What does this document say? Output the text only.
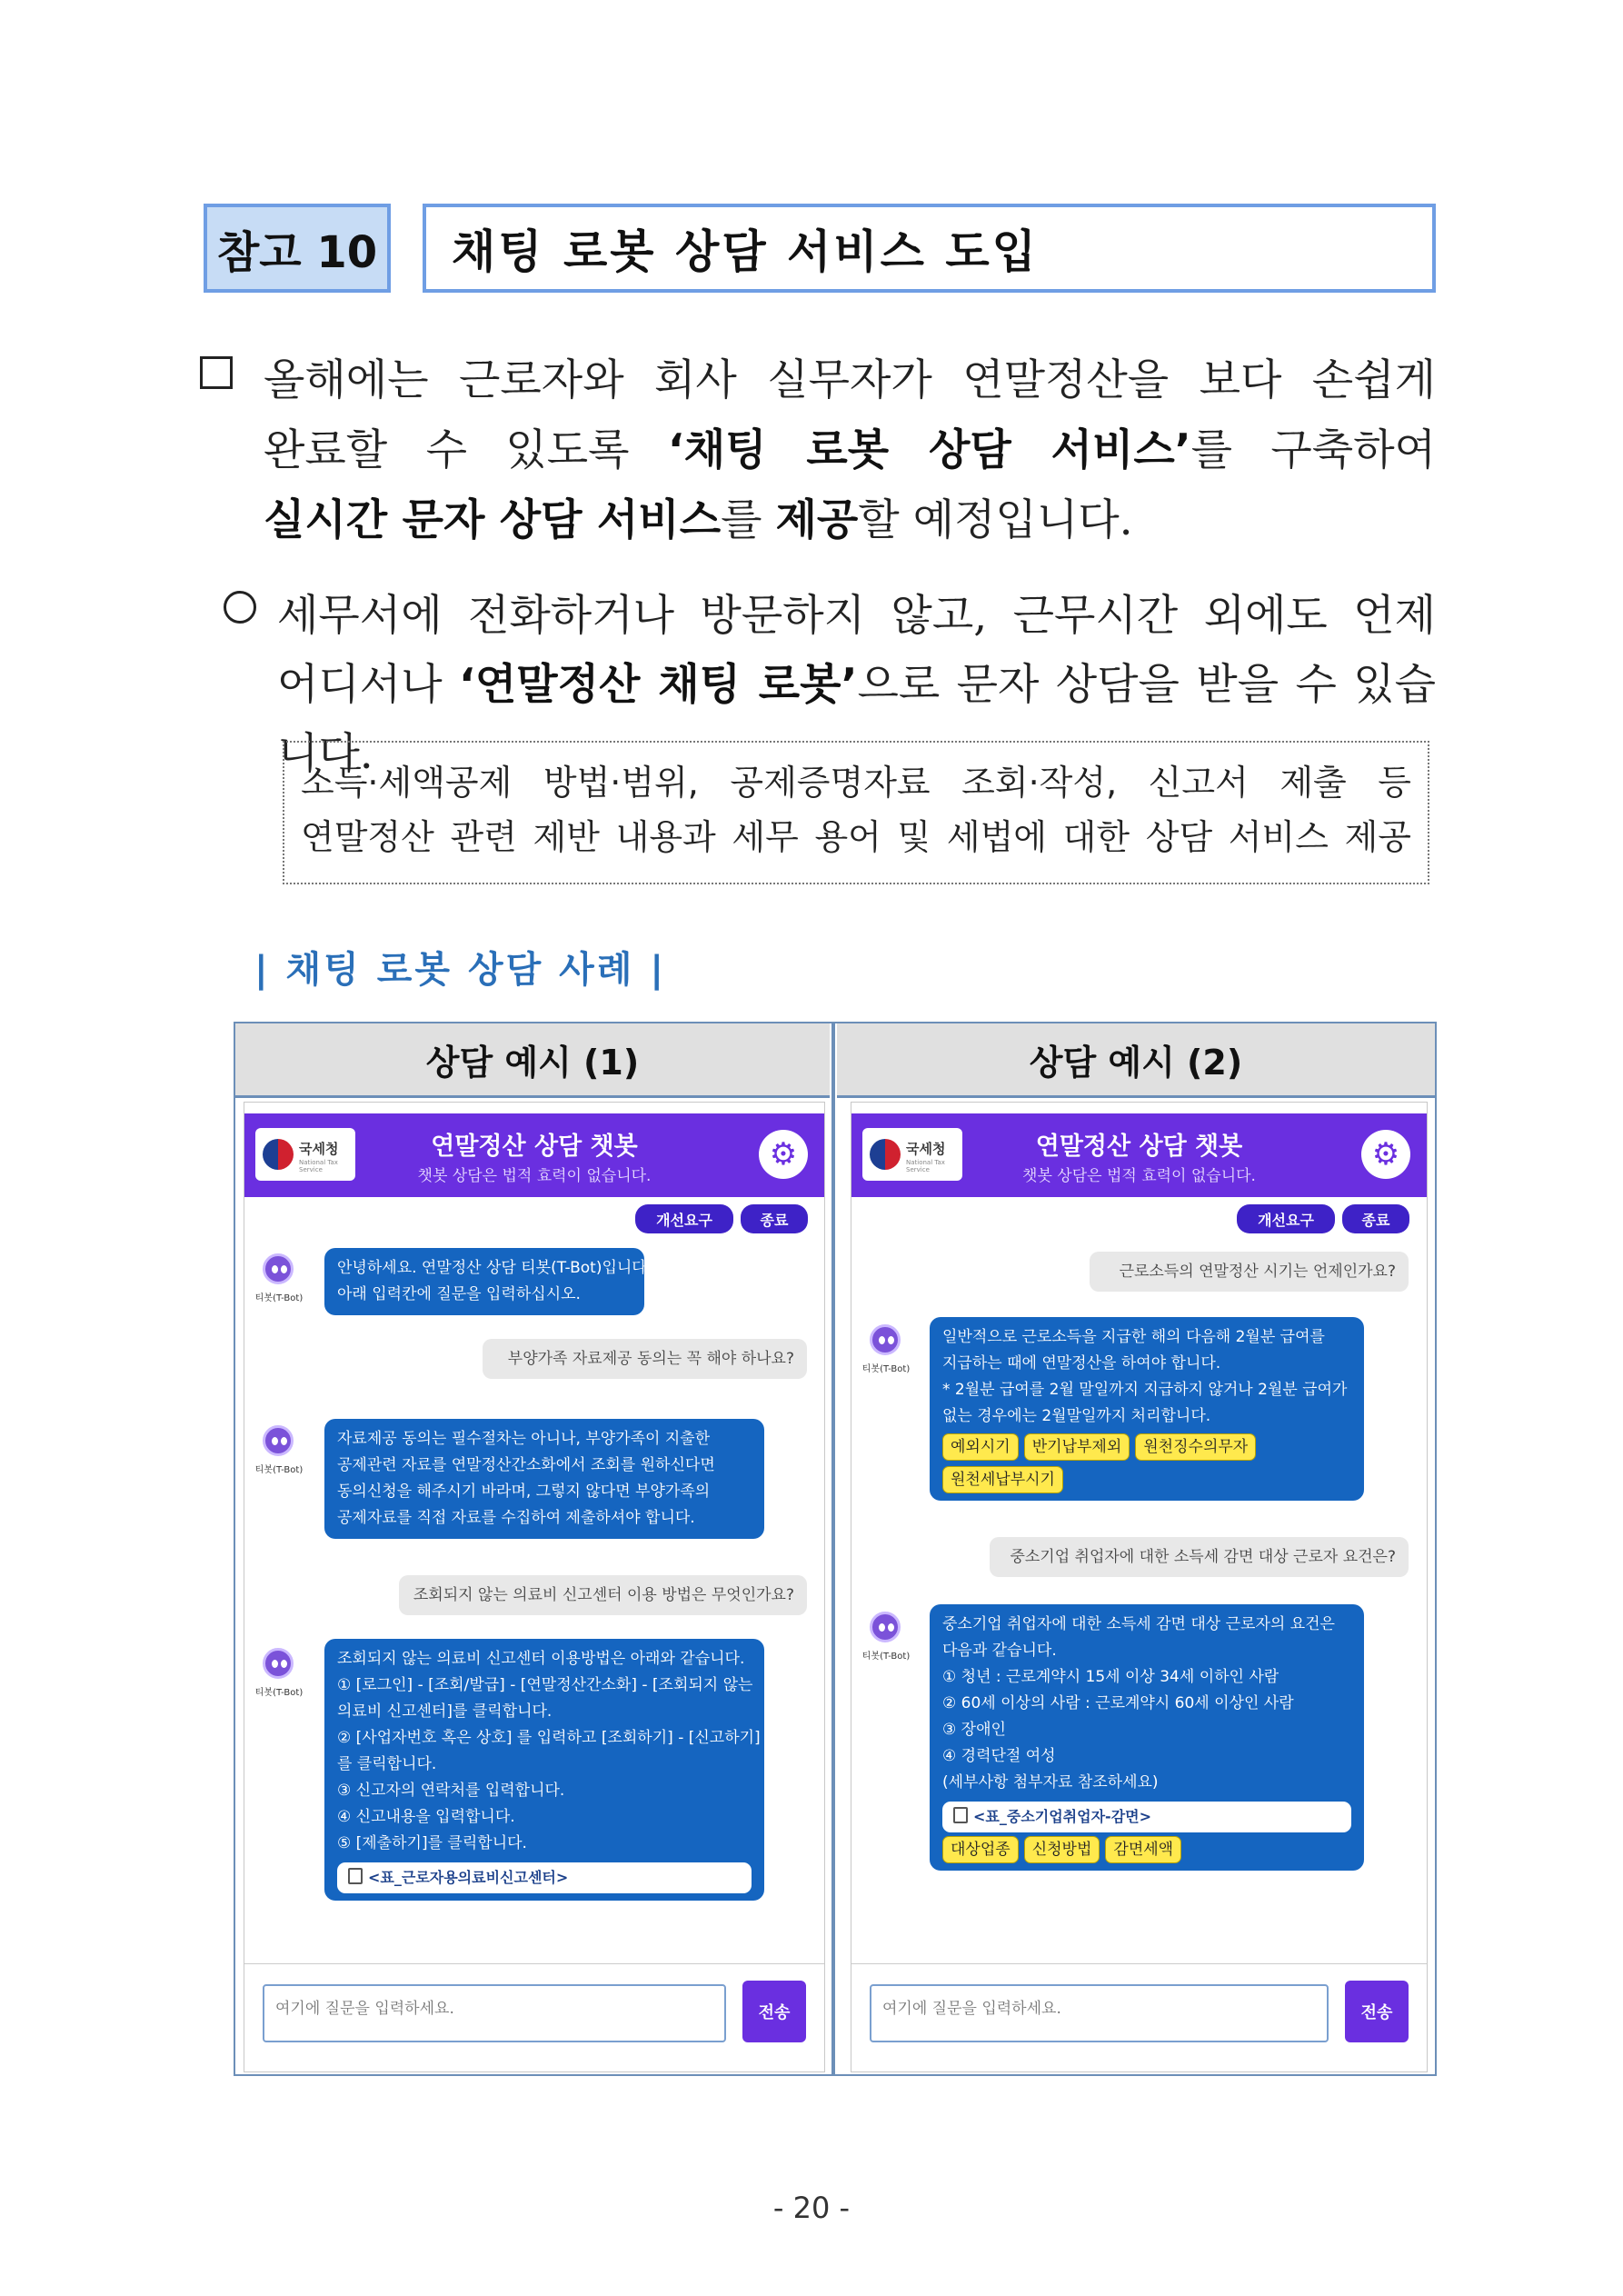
참고 10	채팅 로봇 상담 서비스 도입
올해에는 근로자와 회사 실무자가 연말정산을 보다 손쉽게
완료할 수 있도록 ‘채팅 로봇 상담 서비스’를 구축하여
실시간 문자 상담 서비스를 제공할 예정입니다.
세무서에 전화하거나 방문하지 않고, 근무시간 외에도 언제
어디서나 ‘연말정산 채팅 로봇’으로 문자 상담을 받을 수 있습니다.
소득·세액공제 방법·범위, 공제증명자료 조회·작성, 신고서 제출 등
연말정산 관련 제반 내용과 세무 용어 및 세법에 대한 상담 서비스 제공
| 채팅 로봇 상담 사례 |
상담 예시 (1)	상담 예시 (2)
국세청
National Tax Service
연말정산 상담 챗봇
챗봇 상담은 법적 효력이 없습니다.
⚙
개선요구	종료
티봇(T-Bot)
안녕하세요. 연말정산 상담 티봇(T-Bot)입니다.
아래 입력칸에 질문을 입력하십시오.
부양가족 자료제공 동의는 꼭 해야 하나요?
티봇(T-Bot)
자료제공 동의는 필수절차는 아니나, 부양가족이 지출한
공제관련 자료를 연말정산간소화에서 조회를 원하신다면
동의신청을 해주시기 바라며, 그렇지 않다면 부양가족의
공제자료를 직접 자료를 수집하여 제출하셔야 합니다.
조회되지 않는 의료비 신고센터 이용 방법은 무엇인가요?
티봇(T-Bot)
조회되지 않는 의료비 신고센터 이용방법은 아래와 같습니다.
① [로그인] - [조회/발급] - [연말정산간소화] - [조회되지 않는
의료비 신고센터]를 클릭합니다.
② [사업자번호 혹은 상호] 를 입력하고 [조회하기] - [신고하기]
를 클릭합니다.
③ 신고자의 연락처를 입력합니다.
④ 신고내용을 입력합니다.
⑤ [제출하기]를 클릭합니다.
<표_근로자용의료비신고센터>
여기에 질문을 입력하세요.	전송
국세청
National Tax Service
연말정산 상담 챗봇
챗봇 상담은 법적 효력이 없습니다.
⚙
개선요구	종료
근로소득의 연말정산 시기는 언제인가요?
티봇(T-Bot)
일반적으로 근로소득을 지급한 해의 다음해 2월분 급여를
지급하는 때에 연말정산을 하여야 합니다.
* 2월분 급여를 2월 말일까지 지급하지 않거나 2월분 급여가
없는 경우에는 2월말일까지 처리합니다.
예외시기	반기납부제외	원천징수의무자
원천세납부시기
중소기업 취업자에 대한 소득세 감면 대상 근로자 요건은?
티봇(T-Bot)
중소기업 취업자에 대한 소득세 감면 대상 근로자의 요건은
다음과 같습니다.
① 청년 : 근로계약시 15세 이상 34세 이하인 사람
② 60세 이상의 사람 : 근로계약시 60세 이상인 사람
③ 장애인
④ 경력단절 여성
(세부사항 첨부자료 참조하세요)
<표_중소기업취업자-감면>
대상업종	신청방법	감면세액
여기에 질문을 입력하세요.	전송
- 20 -
